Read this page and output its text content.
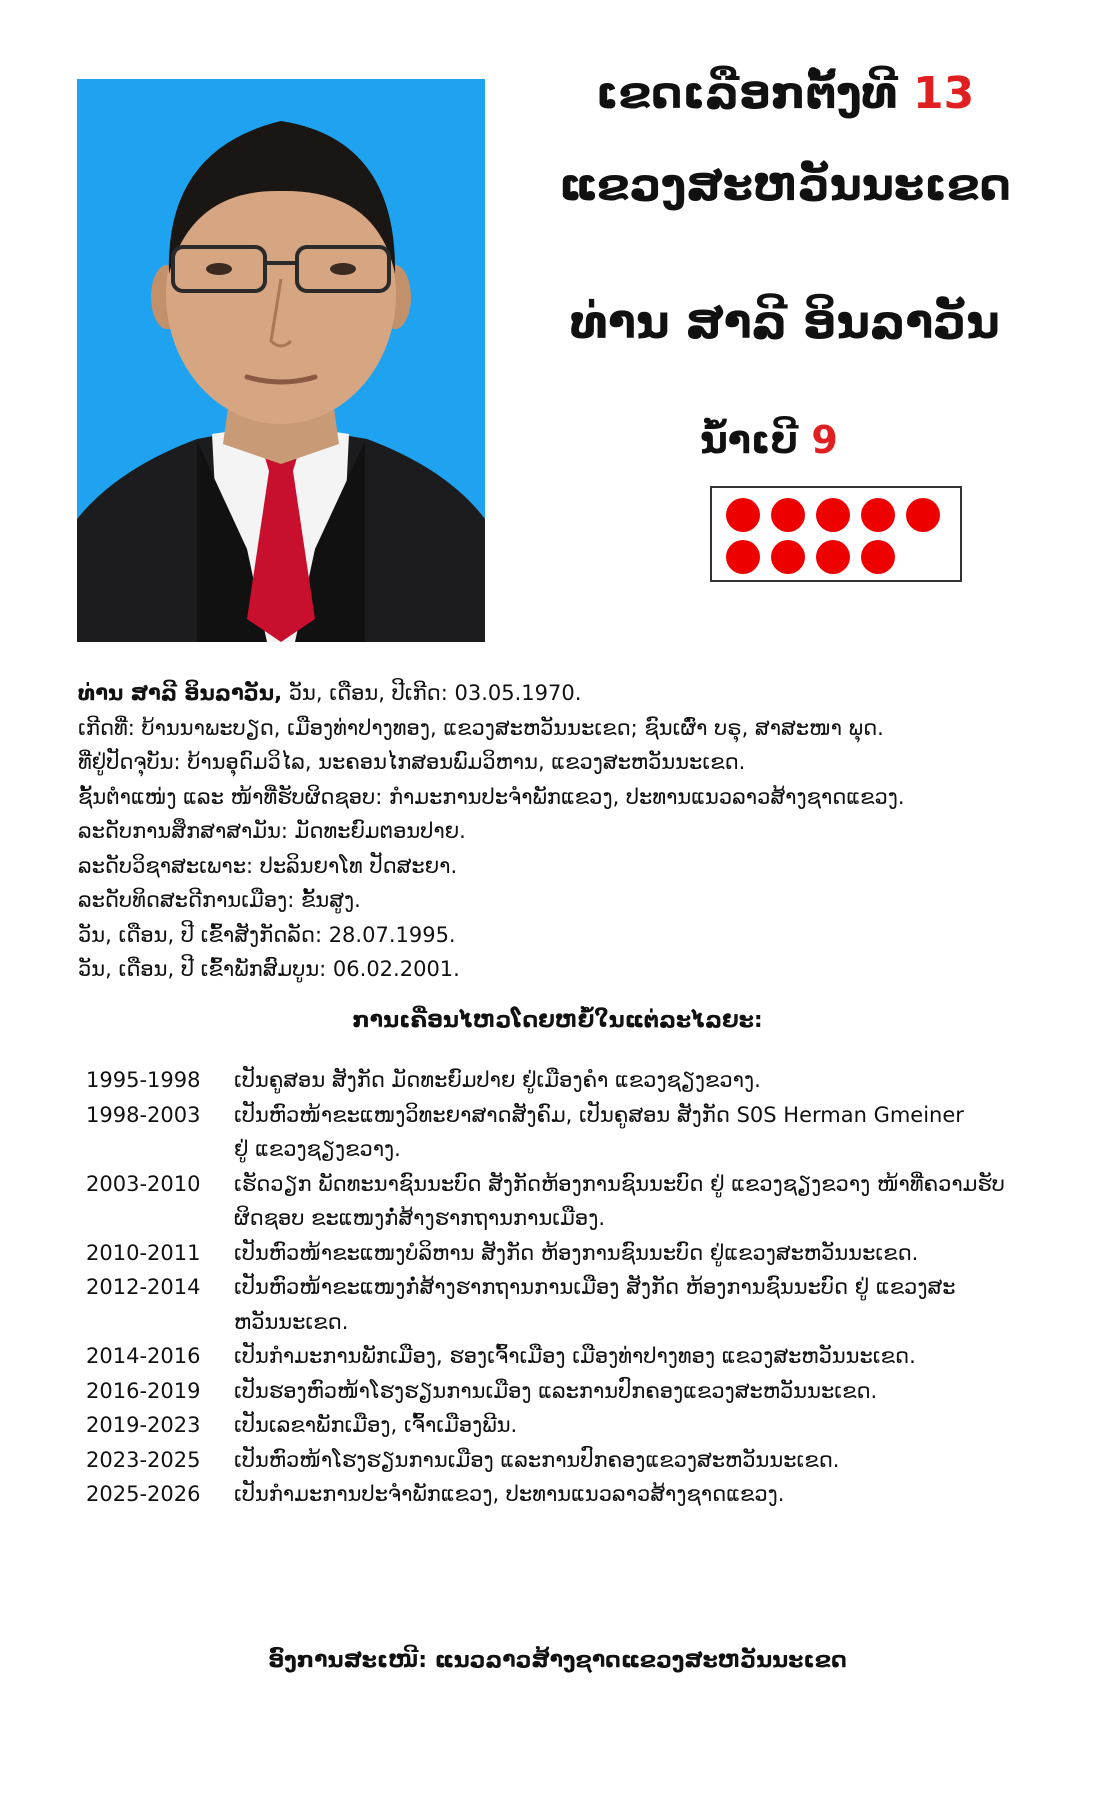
ເຂດເລືອກຕັ້ງທີ 13
ແຂວງສະຫວັນນະເຂດ
ທ່ານ ສາລີ ອິນລາວັນ
ນໍ້າເບີ 9

ທ່ານ ສາລີ ອິນລາວັນ, ວັນ, ເດືອນ, ປີເກີດ: 03.05.1970.

ເກີດທີ່: ບ້ານນາພະບຽດ, ເມືອງທ່າປາງທອງ, ແຂວງສະຫວັນນະເຂດ; ຊົນເຜົ່າ ບຣຸ, ສາສະໜາ ພຸດ.

ທີ່ຢູ່ປັດຈຸບັນ: ບ້ານອຸດົມວິໄລ, ນະຄອນໄກສອນພົມວິຫານ, ແຂວງສະຫວັນນະເຂດ.

ຊັ້ນຕຳແໜ່ງ ແລະ ໜ້າທີ່ຮັບຜິດຊອບ: ກຳມະການປະຈຳພັກແຂວງ, ປະທານແນວລາວສ້າງຊາດແຂວງ.

ລະດັບການສຶກສາສາມັນ: ມັດທະຍົມຕອນປາຍ.

ລະດັບວິຊາສະເພາະ: ປະລິນຍາໂທ ປັດສະຍາ.

ລະດັບທິດສະດີການເມືອງ: ຂັ້ນສູງ.

ວັນ, ເດືອນ, ປີ ເຂົ້າສັງກັດລັດ: 28.07.1995.

ວັນ, ເດືອນ, ປີ ເຂົ້າພັກສົມບູນ: 06.02.2001.

ການເຄື່ອນໄຫວໂດຍຫຍໍ້ໃນແຕ່ລະໄລຍະ:
1995-1998	ເປັນຄູສອນ ສັງກັດ ມັດທະຍົມປາຍ ຢູ່ເມືອງຄໍາ ແຂວງຊຽງຂວາງ.
1998-2003	ເປັນຫົວໜ້າຂະແໜງວິທະຍາສາດສັງຄົມ, ເປັນຄູສອນ ສັງກັດ S0S Herman Gmeiner
ຢູ່ ແຂວງຊຽງຂວາງ.
2003-2010	ເຮັດວຽກ ພັດທະນາຊົນນະບົດ ສັງກັດຫ້ອງການຊົນນະບົດ ຢູ່ ແຂວງຊຽງຂວາງ ໜ້າທີ່ຄວາມຮັບ
ຜິດຊອບ ຂະແໜງກໍ່ສ້າງຮາກຖານການເມືອງ.
2010-2011	ເປັນຫົວໜ້າຂະແໜງບໍລິຫານ ສັງກັດ ຫ້ອງການຊົນນະບົດ ຢູ່ແຂວງສະຫວັນນະເຂດ.
2012-2014	ເປັນຫົວໜ້າຂະແໜງກໍ່ສ້າງຮາກຖານການເມືອງ ສັງກັດ ຫ້ອງການຊົນນະບົດ ຢູ່ ແຂວງສະ
ຫວັນນະເຂດ.
2014-2016	ເປັນກຳມະການພັກເມືອງ, ຮອງເຈົ້າເມືອງ ເມືອງທ່າປາງທອງ ແຂວງສະຫວັນນະເຂດ.
2016-2019	ເປັນຮອງຫົວໜ້າໂຮງຮຽນການເມືອງ ແລະການປົກຄອງແຂວງສະຫວັນນະເຂດ.
2019-2023	ເປັນເລຂາພັກເມືອງ, ເຈົ້າເມືອງພີນ.
2023-2025	ເປັນຫົວໜ້າໂຮງຮຽນການເມືອງ ແລະການປົກຄອງແຂວງສະຫວັນນະເຂດ.
2025-2026	ເປັນກຳມະການປະຈຳພັກແຂວງ, ປະທານແນວລາວສ້າງຊາດແຂວງ.
ອົງການສະເໜີ: ແນວລາວສ້າງຊາດແຂວງສະຫວັນນະເຂດ
